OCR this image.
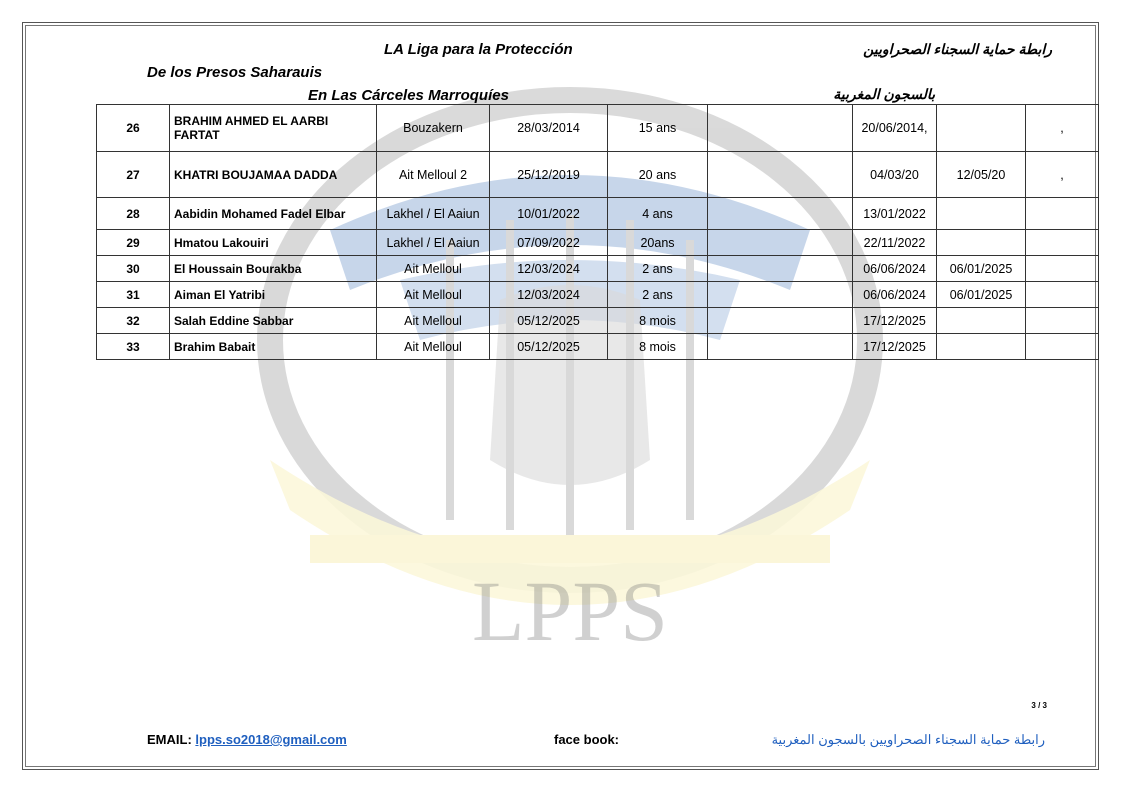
LPPS
LA Liga para la Protección
De los Presos Saharauis
En Las Cárceles Marroquíes
رابطة حماية السجناء الصحراويين
بالسجون المغربية
26	BRAHIM AHMED EL AARBI FARTAT	Bouzakern	28/03/2014	15 ans		20/06/2014,		,
27	KHATRI BOUJAMAA DADDA	Ait Melloul 2	25/12/2019	20 ans		04/03/20	12/05/20	,
28	Aabidin Mohamed Fadel Elbar	Lakhel / El Aaiun	10/01/2022	4 ans		13/01/2022		
29	Hmatou Lakouiri	Lakhel / El Aaiun	07/09/2022	20ans		22/11/2022		
30	El Houssain Bourakba	Ait Melloul	12/03/2024	2 ans		06/06/2024	06/01/2025	
31	Aiman El Yatribi	Ait Melloul	12/03/2024	2 ans		06/06/2024	06/01/2025	
32	Salah Eddine Sabbar	Ait Melloul	05/12/2025	8 mois		17/12/2025		
33	Brahim Babait	Ait Melloul	05/12/2025	8 mois		17/12/2025		
3 / 3
EMAIL: lpps.so2018@gmail.com	face book:	رابطة حماية السجناء الصحراويين بالسجون المغربية
